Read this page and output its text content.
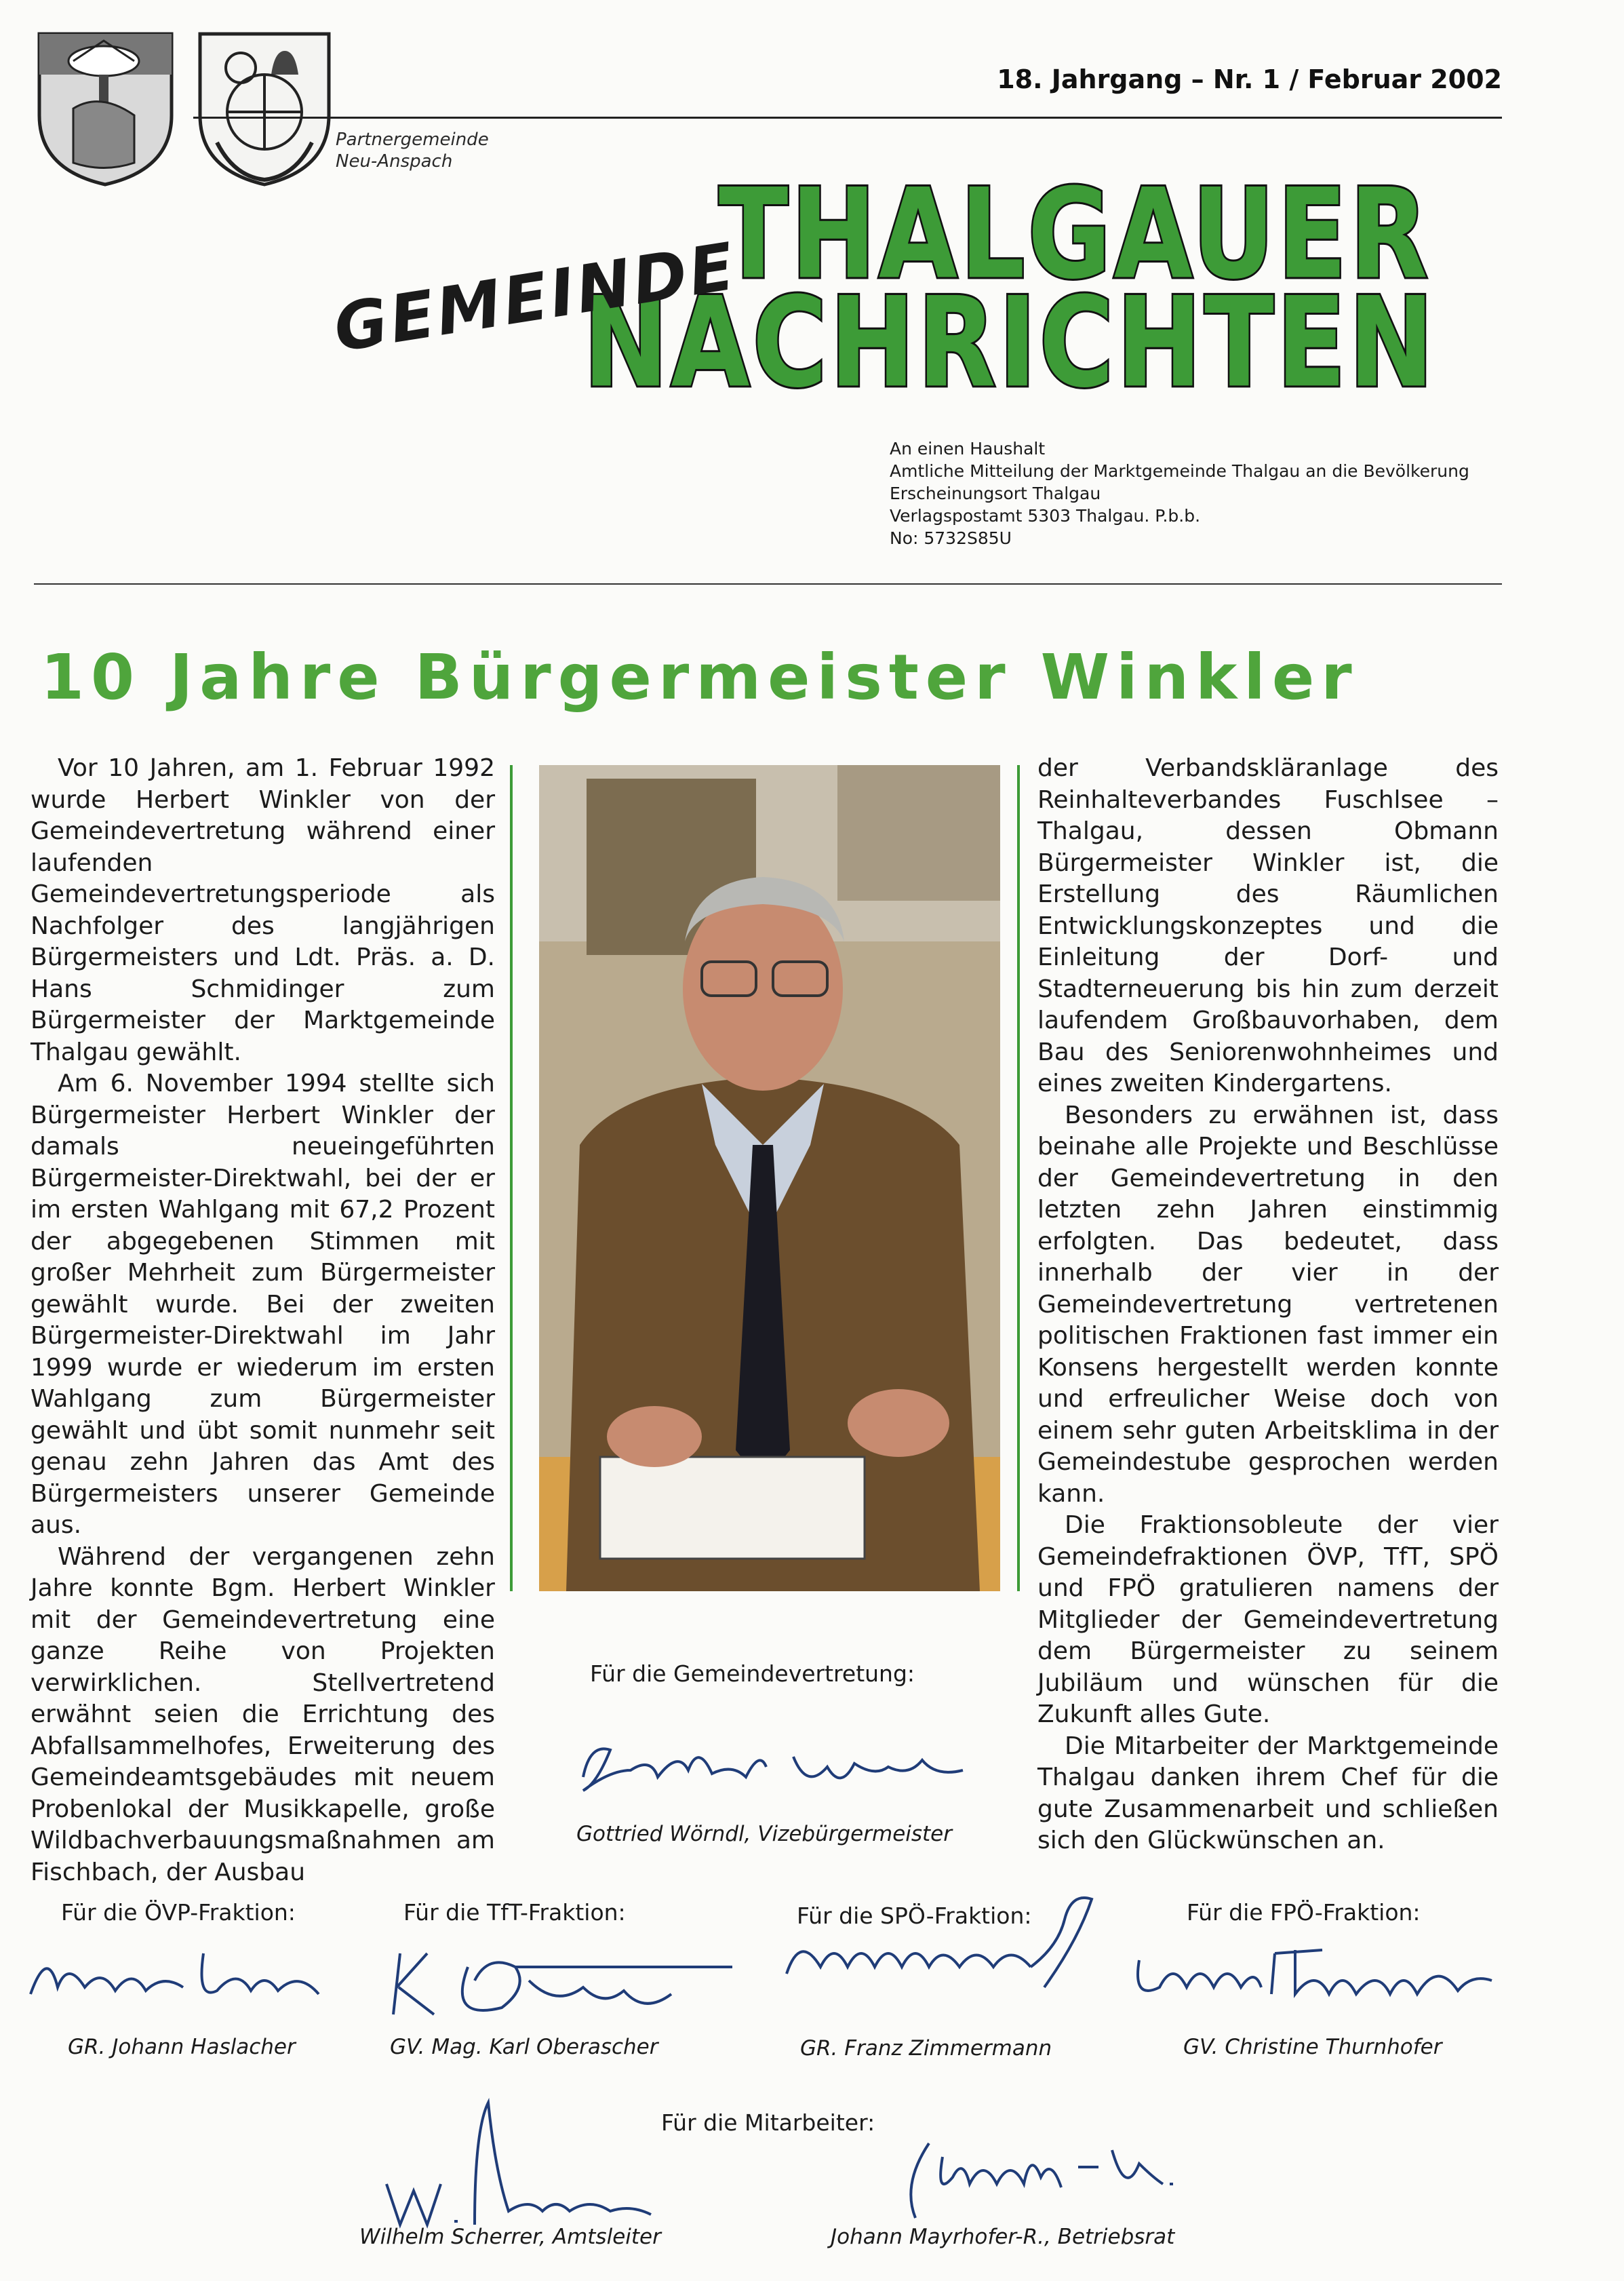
Partnergemeinde
Neu-Anspach
18. Jahrgang – Nr. 1 / Februar 2002
THALGAUER
NACHRICHTEN
GEMEINDE
An einen Haushalt
Amtliche Mitteilung der Marktgemeinde Thalgau an die Bevölkerung
Erscheinungsort Thalgau
Verlagspostamt 5303 Thalgau. P.b.b.
No: 5732S85U
10 Jahre Bürgermeister Winkler

Vor 10 Jahren, am 1. Februar 1992 wurde Herbert Winkler von der Gemeindevertretung während einer laufenden Gemeindevertretungsperiode als Nachfolger des langjährigen Bürgermeisters und Ldt. Präs. a. D. Hans Schmidinger zum Bürgermeister der Marktgemeinde Thalgau gewählt.

Am 6. November 1994 stellte sich Bürgermeister Herbert Winkler der damals neueingeführten Bürgermeister-Direktwahl, bei der er im ersten Wahlgang mit 67,2 Prozent der abgegebenen Stimmen mit großer Mehrheit zum Bürgermeister gewählt wurde. Bei der zweiten Bürgermeister-Direktwahl im Jahr 1999 wurde er wiederum im ersten Wahlgang zum Bürgermeister gewählt und übt somit nunmehr seit genau zehn Jahren das Amt des Bürgermeisters unserer Gemeinde aus.

Während der vergangenen zehn Jahre konnte Bgm. Herbert Winkler mit der Gemeindevertretung eine ganze Reihe von Projekten verwirklichen. Stellvertretend erwähnt seien die Errichtung des Abfallsammelhofes, Erweiterung des Gemeindeamtsgebäudes mit neuem Probenlokal der Musikkapelle, große Wildbachverbauungsmaßnahmen am Fischbach, der Ausbau

der Verbandskläranlage des Reinhalteverbandes Fuschlsee – Thalgau, dessen Obmann Bürgermeister Winkler ist, die Erstellung des Räumlichen Entwicklungskonzeptes und die Einleitung der Dorf- und Stadterneuerung bis hin zum derzeit laufendem Großbauvorhaben, dem Bau des Seniorenwohnheimes und eines zweiten Kindergartens.

Besonders zu erwähnen ist, dass beinahe alle Projekte und Beschlüsse der Gemeindevertretung in den letzten zehn Jahren einstimmig erfolgten. Das bedeutet, dass innerhalb der vier in der Gemeindevertretung vertretenen politischen Fraktionen fast immer ein Konsens hergestellt werden konnte und erfreulicher Weise doch von einem sehr guten Arbeitsklima in der Gemeindestube gesprochen werden kann.

Die Fraktionsobleute der vier Gemeindefraktionen ÖVP, TfT, SPÖ und FPÖ gratulieren namens der Mitglieder der Gemeindevertretung dem Bürgermeister zu seinem Jubiläum und wünschen für die Zukunft alles Gute.

Die Mitarbeiter der Marktgemeinde Thalgau danken ihrem Chef für die gute Zusammenarbeit und schließen sich den Glückwünschen an.

Für die Gemeindevertretung:
Gottried Wörndl, Vizebürgermeister
Für die ÖVP-Fraktion:
GR. Johann Haslacher
Für die TfT-Fraktion:
GV. Mag. Karl Oberascher
Für die SPÖ-Fraktion:
GR. Franz Zimmermann
Für die FPÖ-Fraktion:
GV. Christine Thurnhofer
Für die Mitarbeiter:
Wilhelm Scherrer, Amtsleiter	Johann Mayrhofer-R., Betriebsrat
